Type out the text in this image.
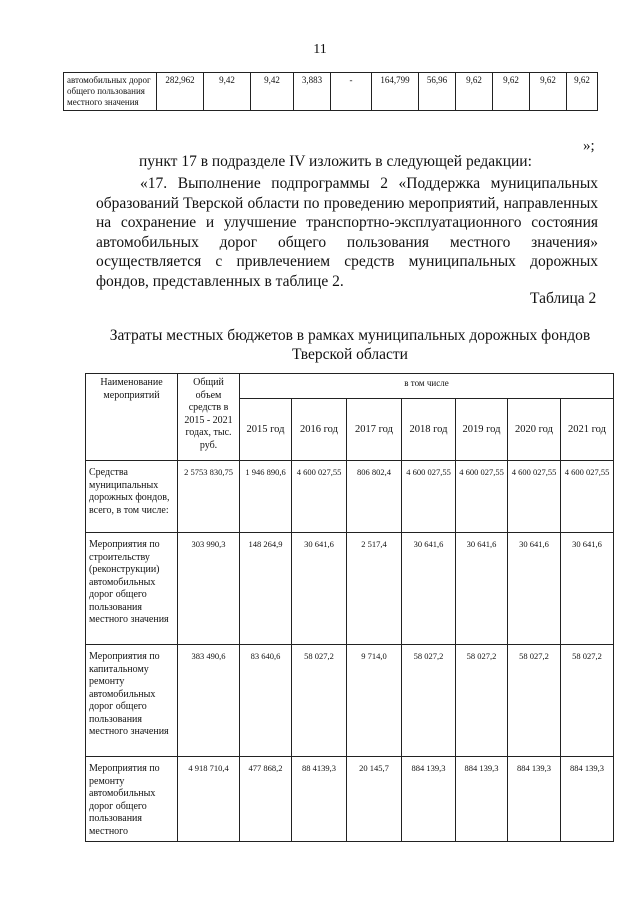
11
автомобильных дорог общего пользования местного значения	282,962	9,42	9,42	3,883	-	164,799	56,96	9,62	9,62	9,62	9,62
»;
пункт 17 в подразделе IV изложить в следующей редакции:
«17. Выполнение подпрограммы 2 «Поддержка муниципальных образований Тверской области по проведению мероприятий, направленных на сохранение и улучшение транспортно-эксплуатационного состояния автомобильных дорог общего пользования местного значения» осуществляется с привлечением средств муниципальных дорожных фондов, представленных в таблице 2.
Таблица 2
Затраты местных бюджетов в рамках муниципальных дорожных фондов Тверской области
Наименование мероприятий	Общий объем средств в 2015 - 2021 годах, тыс. руб.	в том числе						
		2015 год	2016 год	2017 год	2018 год	2019 год	2020 год	2021 год
Средства муниципальных дорожных фондов, всего, в том числе:	2 5753 830,75	1 946 890,6	4 600 027,55	806 802,4	4 600 027,55	4 600 027,55	4 600 027,55	4 600 027,55
Мероприятия по строительству (реконструкции) автомобильных дорог общего пользования местного значения	303 990,3	148 264,9	30 641,6	2 517,4	30 641,6	30 641,6	30 641,6	30 641,6
Мероприятия по капитальному ремонту автомобильных дорог общего пользования местного значения	383 490,6	83 640,6	58 027,2	9 714,0	58 027,2	58 027,2	58 027,2	58 027,2
Мероприятия по ремонту автомобильных дорог общего пользования местного	4 918 710,4	477 868,2	88 4139,3	20 145,7	884 139,3	884 139,3	884 139,3	884 139,3
